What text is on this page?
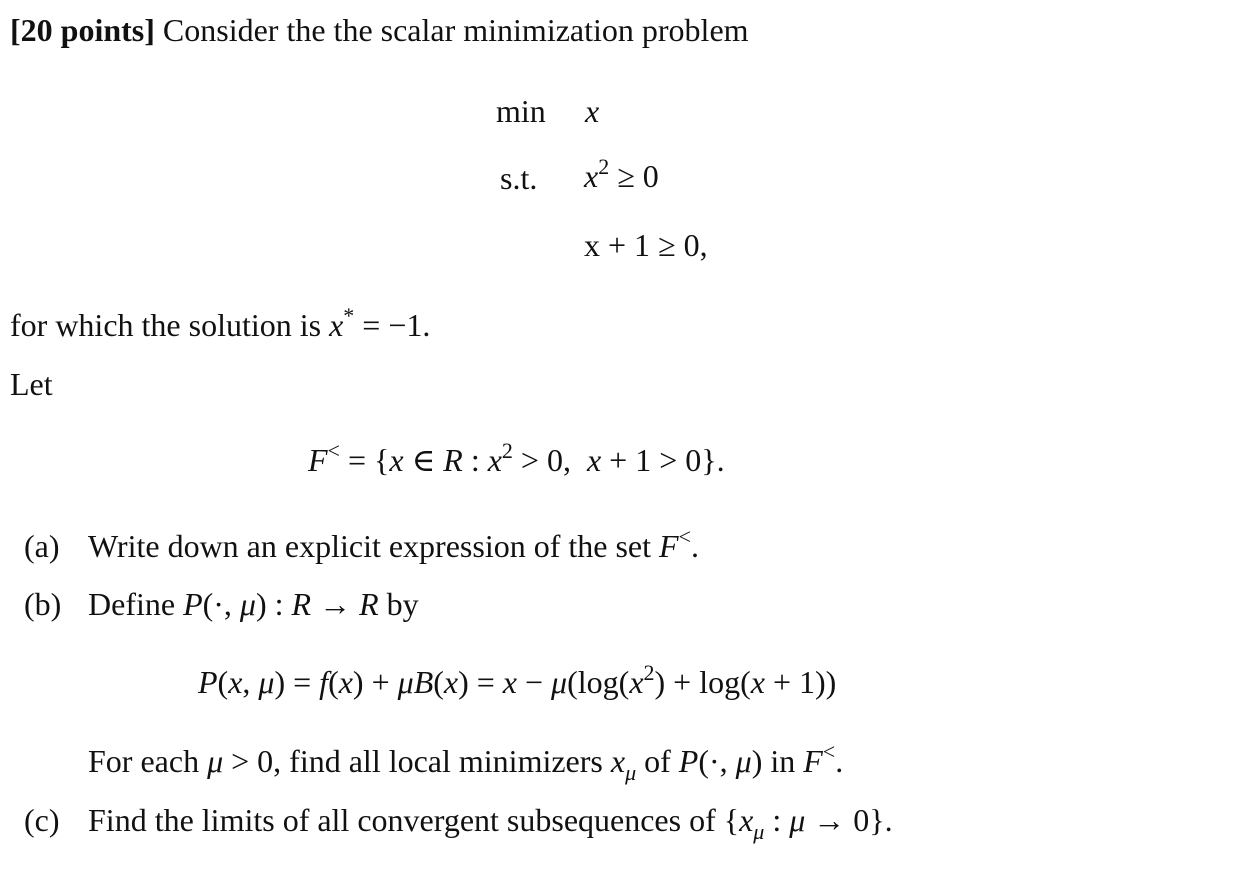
[20 points] Consider the the scalar minimization problem
min x
s.t. $x^2 \ge 0$
x + 1 ≥ 0,
for which the solution is x* = −1.
Let
F< = {x ∈ R : $x^2 > 0$,  x + 1 > 0}.
(a) Write down an explicit expression of the set F<.
(b) Define P(·, μ) : R → R by
P(x, $\mu) = f(x) + \mu B(x) = x - \mu(\log(x^2) + \log(x + 1))$
For each μ > 0, find all local minimizers $x_\mu$ of P(·, μ) in F<.
(c) Find the limits of all convergent subsequences of {$x_\mu$ : μ → 0}.
